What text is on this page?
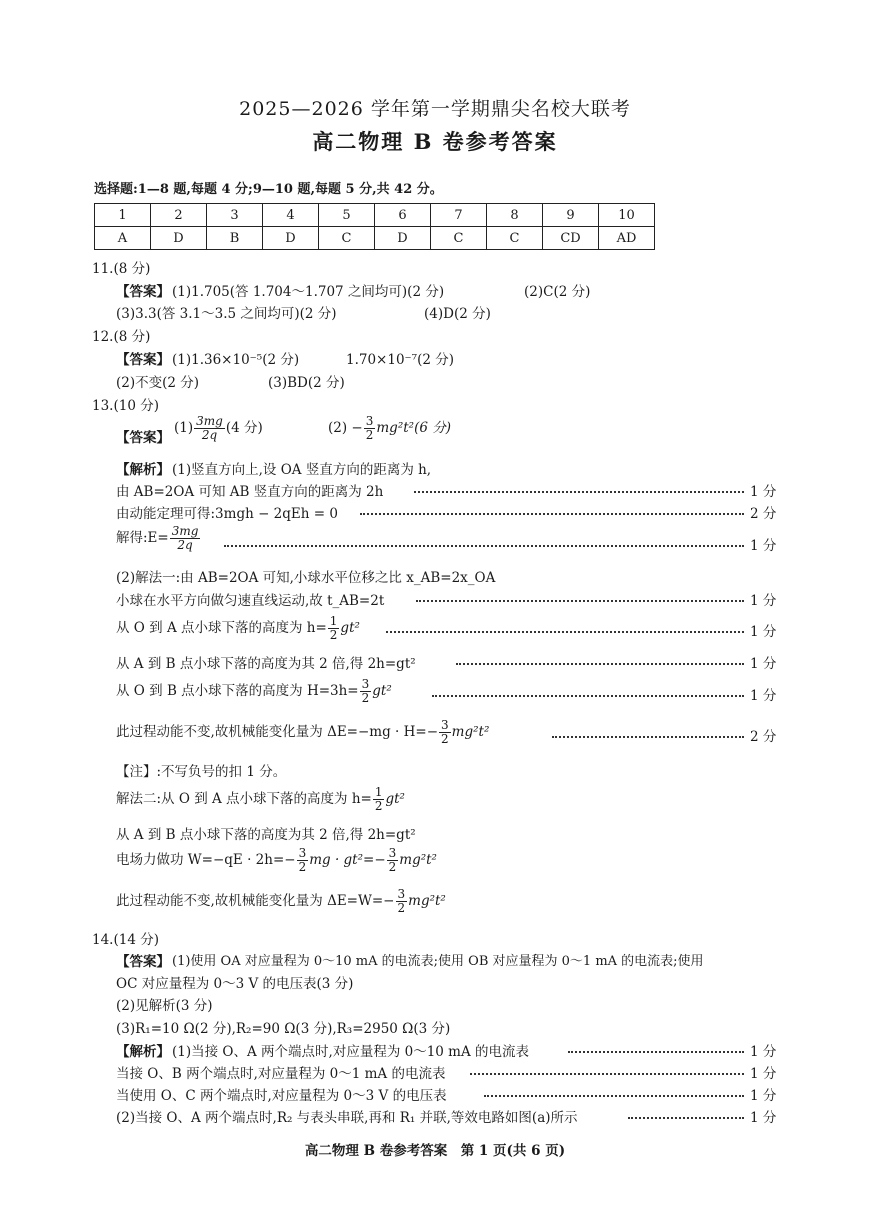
2025—2026 学年第一学期鼎尖名校大联考
高二物理 B 卷参考答案
选择题:1—8 题,每题 4 分;9—10 题,每题 5 分,共 42 分。
1	2	3	4	5	6	7	8	9	10
A	D	B	D	C	D	C	C	CD	AD
11.(8 分)
【答案】 (1)1.705(答 1.704～1.707 之间均可)(2 分)	(2)C(2 分)
(3)3.3(答 3.1～3.5 之间均可)(2 分)	(4)D(2 分)
12.(8 分)
【答案】 (1)1.36×10⁻⁵(2 分)	1.70×10⁻⁷(2 分)
(2)不变(2 分)	(3)BD(2 分)
13.(10 分)
【答案】
$(1) \frac{3mg}{2q} (4$ 分)	$(2) - \frac{3}{2} mg^2t^2(6$ 分)
【解析】 (1)竖直方向上,设 OA 竖直方向的距离为 h,
由 AB=2OA 可知 AB 竖直方向的距离为 2h	1 分
由动能定理可得:3mgh − 2qEh = 0	2 分
解得:E= $\frac{3mg}{2q}$	1 分
(2)解法一:由 AB=2OA 可知,小球水平位移之比 x_AB=2x_OA
小球在水平方向做匀速直线运动,故 t_AB=2t	1 分
从 O 到 A 点小球下落的高度为 $h= \frac{1}{2} gt^2$	1 分
从 A 到 B 点小球下落的高度为其 2 倍,得 2h=gt²	1 分
从 O 到 B 点小球下落的高度为 $H=3h= \frac{3}{2} gt^2$	1 分
此过程动能不变,故机械能变化量为 $\Delta E=-mg \cdot H=- \frac{3}{2} mg^2t^2$	2 分
【注】:不写负号的扣 1 分。
解法二:从 O 到 A 点小球下落的高度为 $h= \frac{1}{2} gt^2$
从 A 到 B 点小球下落的高度为其 2 倍,得 2h=gt²
电场力做功 $W=-qE \cdot 2h=- \frac{3}{2}$ mg · $gt^2=- \frac{3}{2} mg^2t^2$
此过程动能不变,故机械能变化量为 $\Delta E=W=- \frac{3}{2} mg^2t^2$
14.(14 分)
【答案】 (1)使用 OA 对应量程为 0～10 mA 的电流表;使用 OB 对应量程为 0～1 mA 的电流表;使用
OC 对应量程为 0～3 V 的电压表(3 分)
(2)见解析(3 分)
(3)R₁=10 Ω(2 分),R₂=90 Ω(3 分),R₃=2950 Ω(3 分)
【解析】 (1)当接 O、A 两个端点时,对应量程为 0～10 mA 的电流表	1 分
当接 O、B 两个端点时,对应量程为 0～1 mA 的电流表	1 分
当使用 O、C 两个端点时,对应量程为 0～3 V 的电压表	1 分
(2)当接 O、A 两个端点时,R₂ 与表头串联,再和 R₁ 并联,等效电路如图(a)所示	1 分
高二物理 B 卷参考答案　第 1 页(共 6 页)
